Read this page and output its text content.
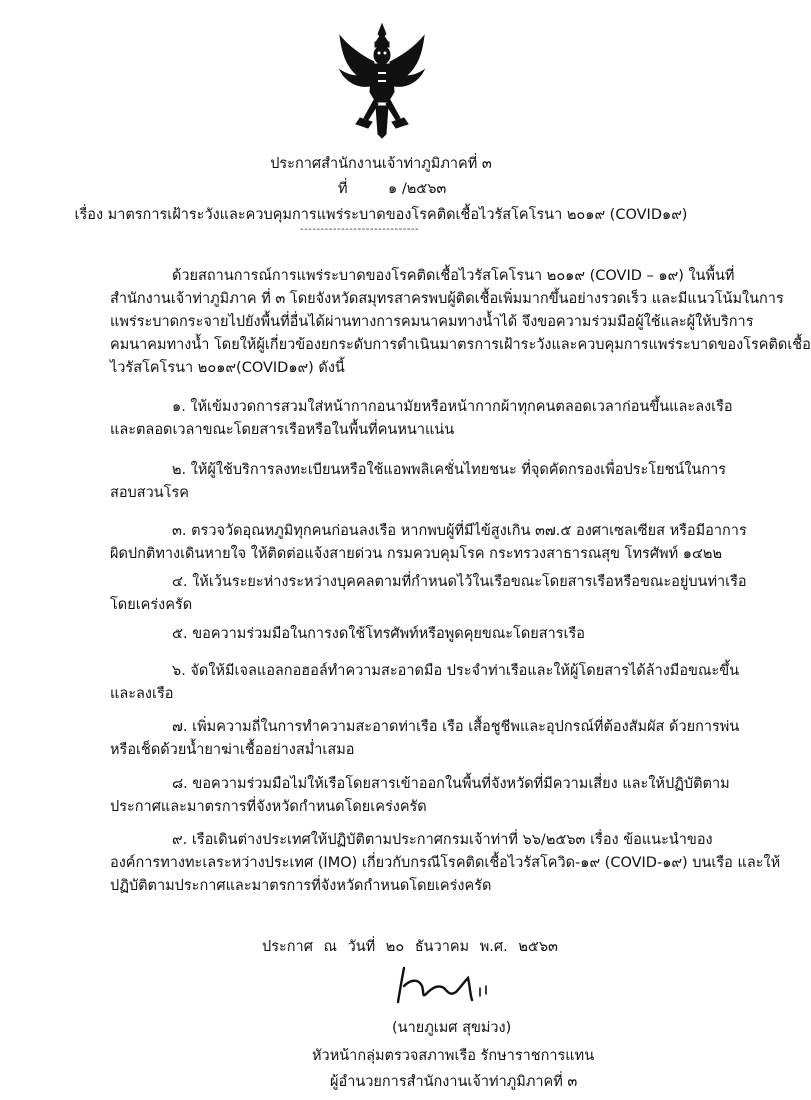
ประกาศสำนักงานเจ้าท่าภูมิภาคที่ ๓
ที่	๑ /๒๕๖๓
เรื่อง มาตรการเฝ้าระวังและควบคุมการแพร่ระบาดของโรคติดเชื้อไวรัสโคโรนา ๒๐๑๙ (COVID๑๙)
-----------------------------
ด้วยสถานการณ์การแพร่ระบาดของโรคติดเชื้อไวรัสโคโรนา ๒๐๑๙ (COVID – ๑๙) ในพื้นที่
สำนักงานเจ้าท่าภูมิภาค ที่ ๓ โดยจังหวัดสมุทรสาครพบผู้ติดเชื้อเพิ่มมากขึ้นอย่างรวดเร็ว และมีแนวโน้มในการ
แพร่ระบาดกระจายไปยังพื้นที่อื่นได้ผ่านทางการคมนาคมทางน้ำได้ จึงขอความร่วมมือผู้ใช้และผู้ให้บริการ
คมนาคมทางน้ำ โดยให้ผู้เกี่ยวข้องยกระดับการดำเนินมาตรการเฝ้าระวังและควบคุมการแพร่ระบาดของโรคติดเชื้อ
ไวรัสโคโรนา ๒๐๑๙(COVID๑๙) ดังนี้
๑. ให้เข้มงวดการสวมใส่หน้ากากอนามัยหรือหน้ากากผ้าทุกคนตลอดเวลาก่อนขึ้นและลงเรือ
และตลอดเวลาขณะโดยสารเรือหรือในพื้นที่คนหนาแน่น
๒. ให้ผู้ใช้บริการลงทะเบียนหรือใช้แอพพลิเคชั่นไทยชนะ ที่จุดคัดกรองเพื่อประโยชน์ในการ
สอบสวนโรค
๓. ตรวจวัดอุณหภูมิทุกคนก่อนลงเรือ หากพบผู้ที่มีไข้สูงเกิน ๓๗.๕ องศาเซลเซียส หรือมีอาการ
ผิดปกติทางเดินหายใจ ให้ติดต่อแจ้งสายด่วน กรมควบคุมโรค กระทรวงสาธารณสุข โทรศัพท์ ๑๔๒๒
๔. ให้เว้นระยะห่างระหว่างบุคคลตามที่กำหนดไว้ในเรือขณะโดยสารเรือหรือขณะอยู่บนท่าเรือ
โดยเคร่งครัด
๕. ขอความร่วมมือในการงดใช้โทรศัพท์หรือพูดคุยขณะโดยสารเรือ
๖. จัดให้มีเจลแอลกอฮอล์ทำความสะอาดมือ ประจำท่าเรือและให้ผู้โดยสารได้ล้างมือขณะขึ้น
และลงเรือ
๗. เพิ่มความถี่ในการทำความสะอาดท่าเรือ เรือ เสื้อชูชีพและอุปกรณ์ที่ต้องสัมผัส ด้วยการพ่น
หรือเช็ดด้วยน้ำยาฆ่าเชื้ออย่างสม่ำเสมอ
๘. ขอความร่วมมือไม่ให้เรือโดยสารเข้าออกในพื้นที่จังหวัดที่มีความเสี่ยง และให้ปฏิบัติตาม
ประกาศและมาตรการที่จังหวัดกำหนดโดยเคร่งครัด
๙. เรือเดินต่างประเทศให้ปฏิบัติตามประกาศกรมเจ้าท่าที่ ๖๖/๒๕๖๓ เรื่อง ข้อแนะนำของ
องค์การทางทะเลระหว่างประเทศ (IMO) เกี่ยวกับกรณีโรคติดเชื้อไวรัสโควิด-๑๙ (COVID-๑๙) บนเรือ และให้
ปฏิบัติตามประกาศและมาตรการที่จังหวัดกำหนดโดยเคร่งครัด
ประกาศ ณ วันที่ ๒๐ ธันวาคม พ.ศ. ๒๕๖๓
(นายภูเมศ สุขม่วง)
หัวหน้ากลุ่มตรวจสภาพเรือ รักษาราชการแทน
ผู้อำนวยการสำนักงานเจ้าท่าภูมิภาคที่ ๓
